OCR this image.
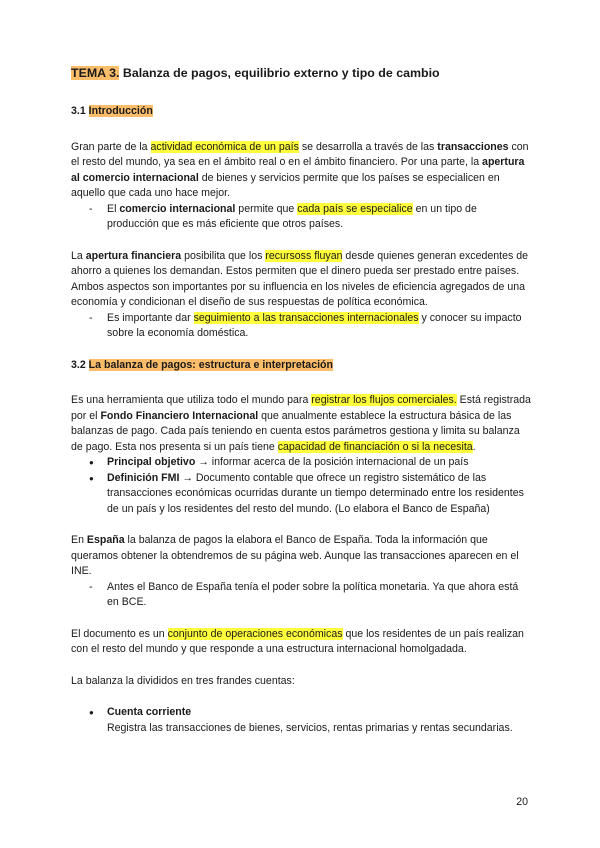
TEMA 3. Balanza de pagos, equilibrio externo y tipo de cambio
3.1 Introducción

Gran parte de la actividad económica de un país se desarrolla a través de las transacciones con el resto del mundo, ya sea en el ámbito real o en el ámbito financiero. Por una parte, la apertura al comercio internacional de bienes y servicios permite que los países se especialicen en aquello que cada uno hace mejor.

- El comercio internacional permite que cada país se especialice en un tipo de producción que es más eficiente que otros países.

La apertura financiera posibilita que los recursoss fluyan desde quienes generan excedentes de ahorro a quienes los demandan. Estos permiten que el dinero pueda ser prestado entre países. Ambos aspectos son importantes por su influencia en los niveles de eficiencia agregados de una economía y condicionan el diseño de sus respuestas de política económica.

- Es importante dar seguimiento a las transacciones internacionales y conocer su impacto sobre la economía doméstica.
3.2 La balanza de pagos: estructura e interpretación

Es una herramienta que utiliza todo el mundo para registrar los flujos comerciales. Está registrada por el Fondo Financiero Internacional que anualmente establece la estructura básica de las balanzas de pago. Cada país teniendo en cuenta estos parámetros gestiona y limita su balanza de pago. Esta nos presenta si un país tiene capacidad de financiación o si la necesita.

● Principal objetivo → informar acerca de la posición internacional de un país
● Definición FMI → Documento contable que ofrece un registro sistemático de las transacciones económicas ocurridas durante un tiempo determinado entre los residentes de un país y los residentes del resto del mundo. (Lo elabora el Banco de España)

En España la balanza de pagos la elabora el Banco de España. Toda la información que queramos obtener la obtendremos de su página web. Aunque las transacciones aparecen en el INE.

- Antes el Banco de España tenía el poder sobre la política monetaria. Ya que ahora está en BCE.

El documento es un conjunto de operaciones económicas que los residentes de un país realizan con el resto del mundo y que responde a una estructura internacional homolgadada.

La balanza la divididos en tres frandes cuentas:

● Cuenta corriente
Registra las transacciones de bienes, servicios, rentas primarias y rentas secundarias.
20
